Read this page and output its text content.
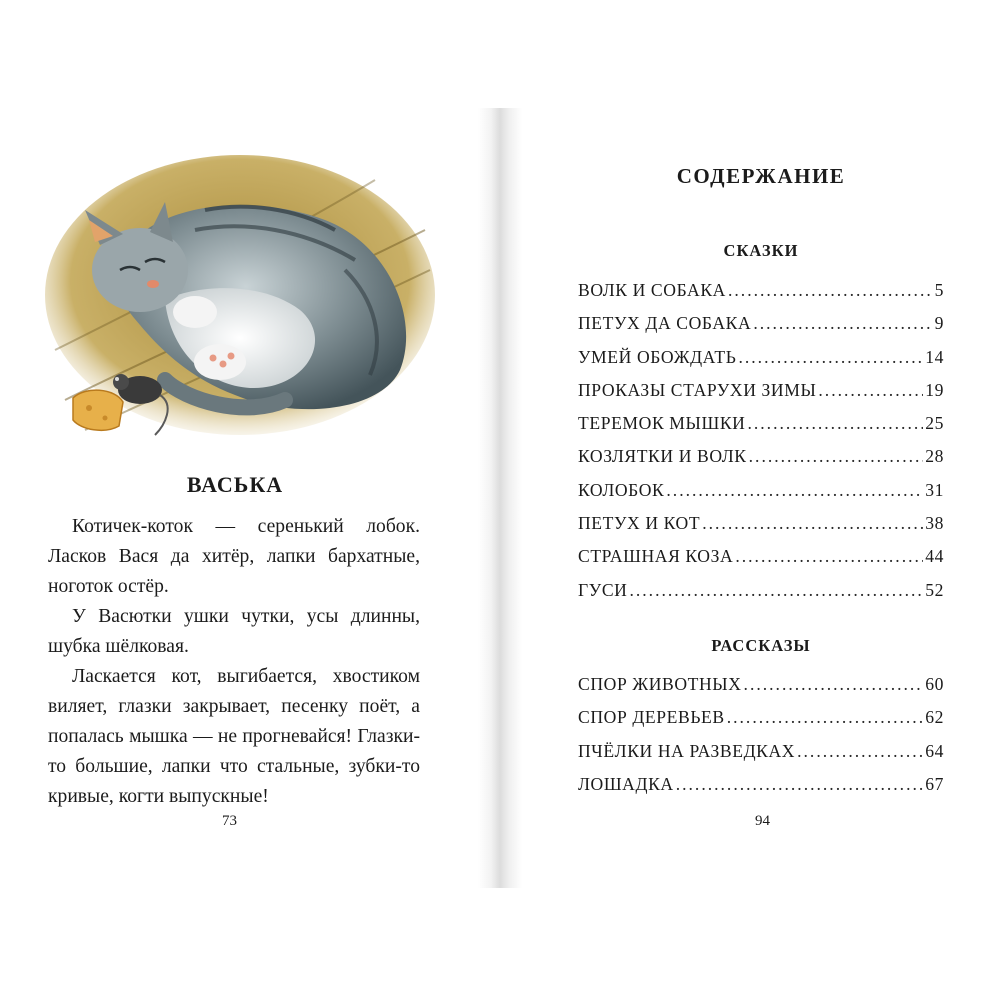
ВАСЬКА

Котичек-коток — серенький лобок. Ласков Вася да хитёр, лапки бархатные, ноготок остёр.

У Васютки ушки чутки, усы длинны, шубка шёлковая.

Ласкается кот, выгибается, хвостиком виляет, глазки закрывает, песенку поёт, а попалась мышка — не прогневайся! Глазки-то большие, лапки что стальные, зубки-то кривые, когти выпускные!

73
СОДЕРЖАНИЕ
СКАЗКИ
ВОЛК И СОБАКА .....	5
ПЕТУХ ДА СОБАКА .....	9
УМЕЙ ОБОЖДАТЬ .....	14
ПРОКАЗЫ СТАРУХИ ЗИМЫ .....	19
ТЕРЕМОК МЫШКИ .....	25
КОЗЛЯТКИ И ВОЛК .....	28
КОЛОБОК .....	31
ПЕТУХ И КОТ .....	38
СТРАШНАЯ КОЗА .....	44
ГУСИ .....	52
РАССКАЗЫ
СПОР ЖИВОТНЫХ .....	60
СПОР ДЕРЕВЬЕВ .....	62
ПЧЁЛКИ НА РАЗВЕДКАХ .....	64
ЛОШАДКА .....	67
94
